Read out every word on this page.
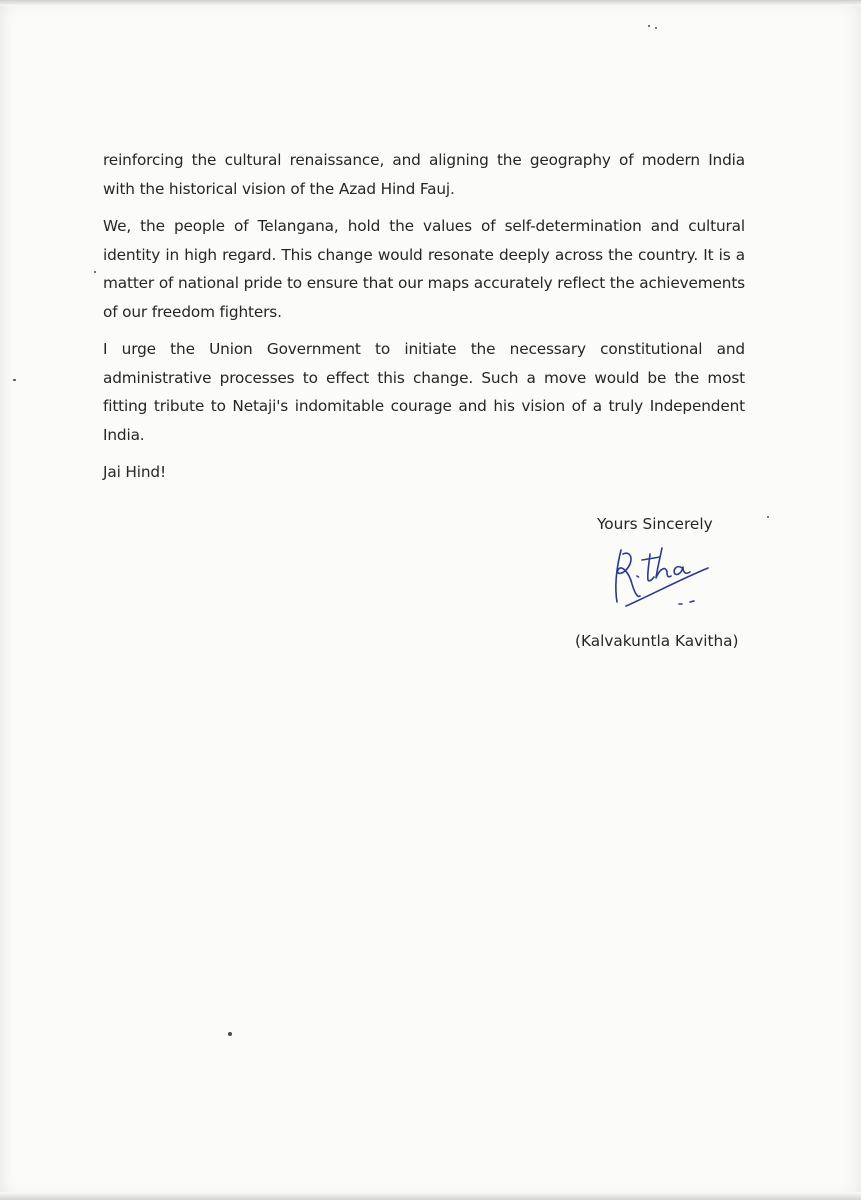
reinforcing the cultural renaissance, and aligning the geography of modern India with the historical vision of the Azad Hind Fauj.

We, the people of Telangana, hold the values of self-determination and cultural identity in high regard. This change would resonate deeply across the country. It is a matter of national pride to ensure that our maps accurately reflect the achievements of our freedom fighters.

I urge the Union Government to initiate the necessary constitutional and administrative processes to effect this change. Such a move would be the most fitting tribute to Netaji's indomitable courage and his vision of a truly Independent India.

Jai Hind!

Yours Sincerely
(Kalvakuntla Kavitha)
